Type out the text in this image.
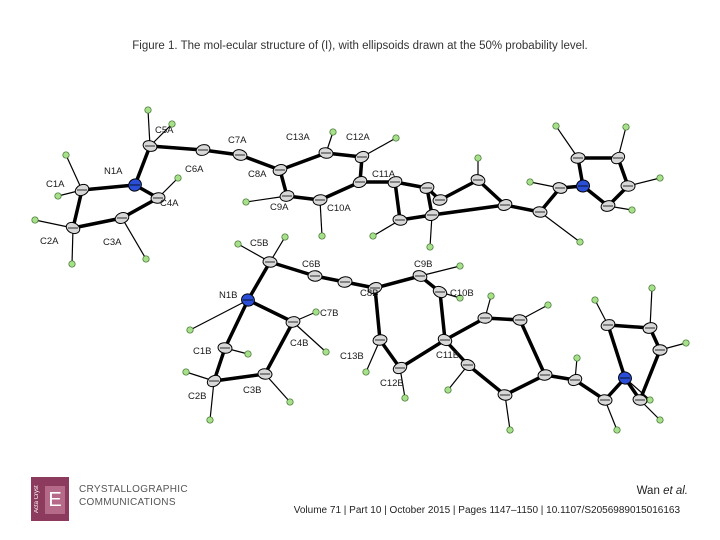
Figure 1. The mol-ecular structure of (I), with ellipsoids drawn at the 50% probability level.
C5A
C7A	C13A	C12A
N1A	C6A	C8A	C11A
C1A
C4A	C9A	C10A
C2A	C3A	C5B
C6B	C9B
N1B	C8B	C10B
C7B
C4B
C1B	C13B	C11B
C12B
C2B
C3B
Acta Cryst E	CRYSTALLOGRAPHIC
COMMUNICATIONS
Wan et al.
Volume 71 | Part 10 | October 2015 | Pages 1147–1150 | 10.1107/S2056989015016163
